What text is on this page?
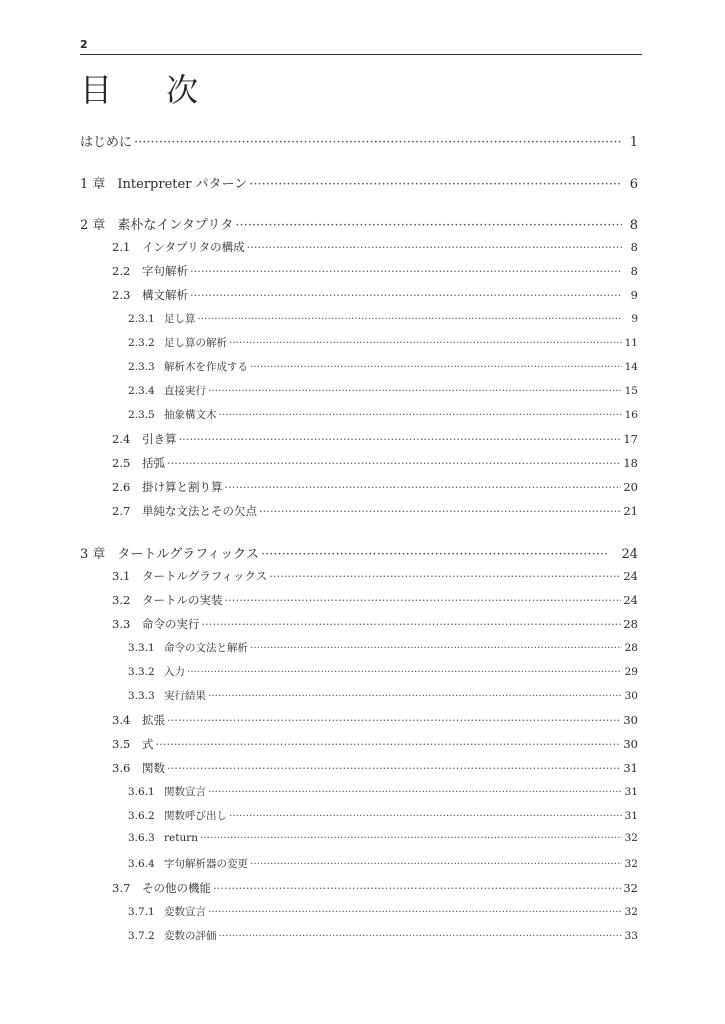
2
目 次
はじめに ·····	1
1 章 Interpreter パターン ·····	6
2 章 素朴なインタプリタ ·····	8
2.1	インタプリタの構成 ·····	8
2.2	字句解析 ·····	8
2.3	構文解析 ·····	9
2.3.1 足し算 ·····	9
2.3.2 足し算の解析 ·····	11
2.3.3 解析木を作成する ·····	14
2.3.4 直接実行 ·····	15
2.3.5 抽象構文木 ·····	16
2.4	引き算 ·····	17
2.5	括弧 ·····	18
2.6	掛け算と割り算 ·····	20
2.7	単純な文法とその欠点 ·····	21
3 章 タートルグラフィックス ·····	24
3.1	タートルグラフィックス ·····	24
3.2	タートルの実装 ·····	24
3.3	命令の実行 ·····	28
3.3.1 命令の文法と解析 ·····	28
3.3.2 入力 ·····	29
3.3.3 実行結果 ·····	30
3.4	拡張 ·····	30
3.5	式 ·····	30
3.6	関数 ·····	31
3.6.1 関数宣言 ·····	31
3.6.2 関数呼び出し ·····	31
3.6.3 return ·····	32
3.6.4 字句解析器の変更 ·····	32
3.7	その他の機能 ·····	32
3.7.1 変数宣言 ·····	32
3.7.2 変数の評価 ·····	33
